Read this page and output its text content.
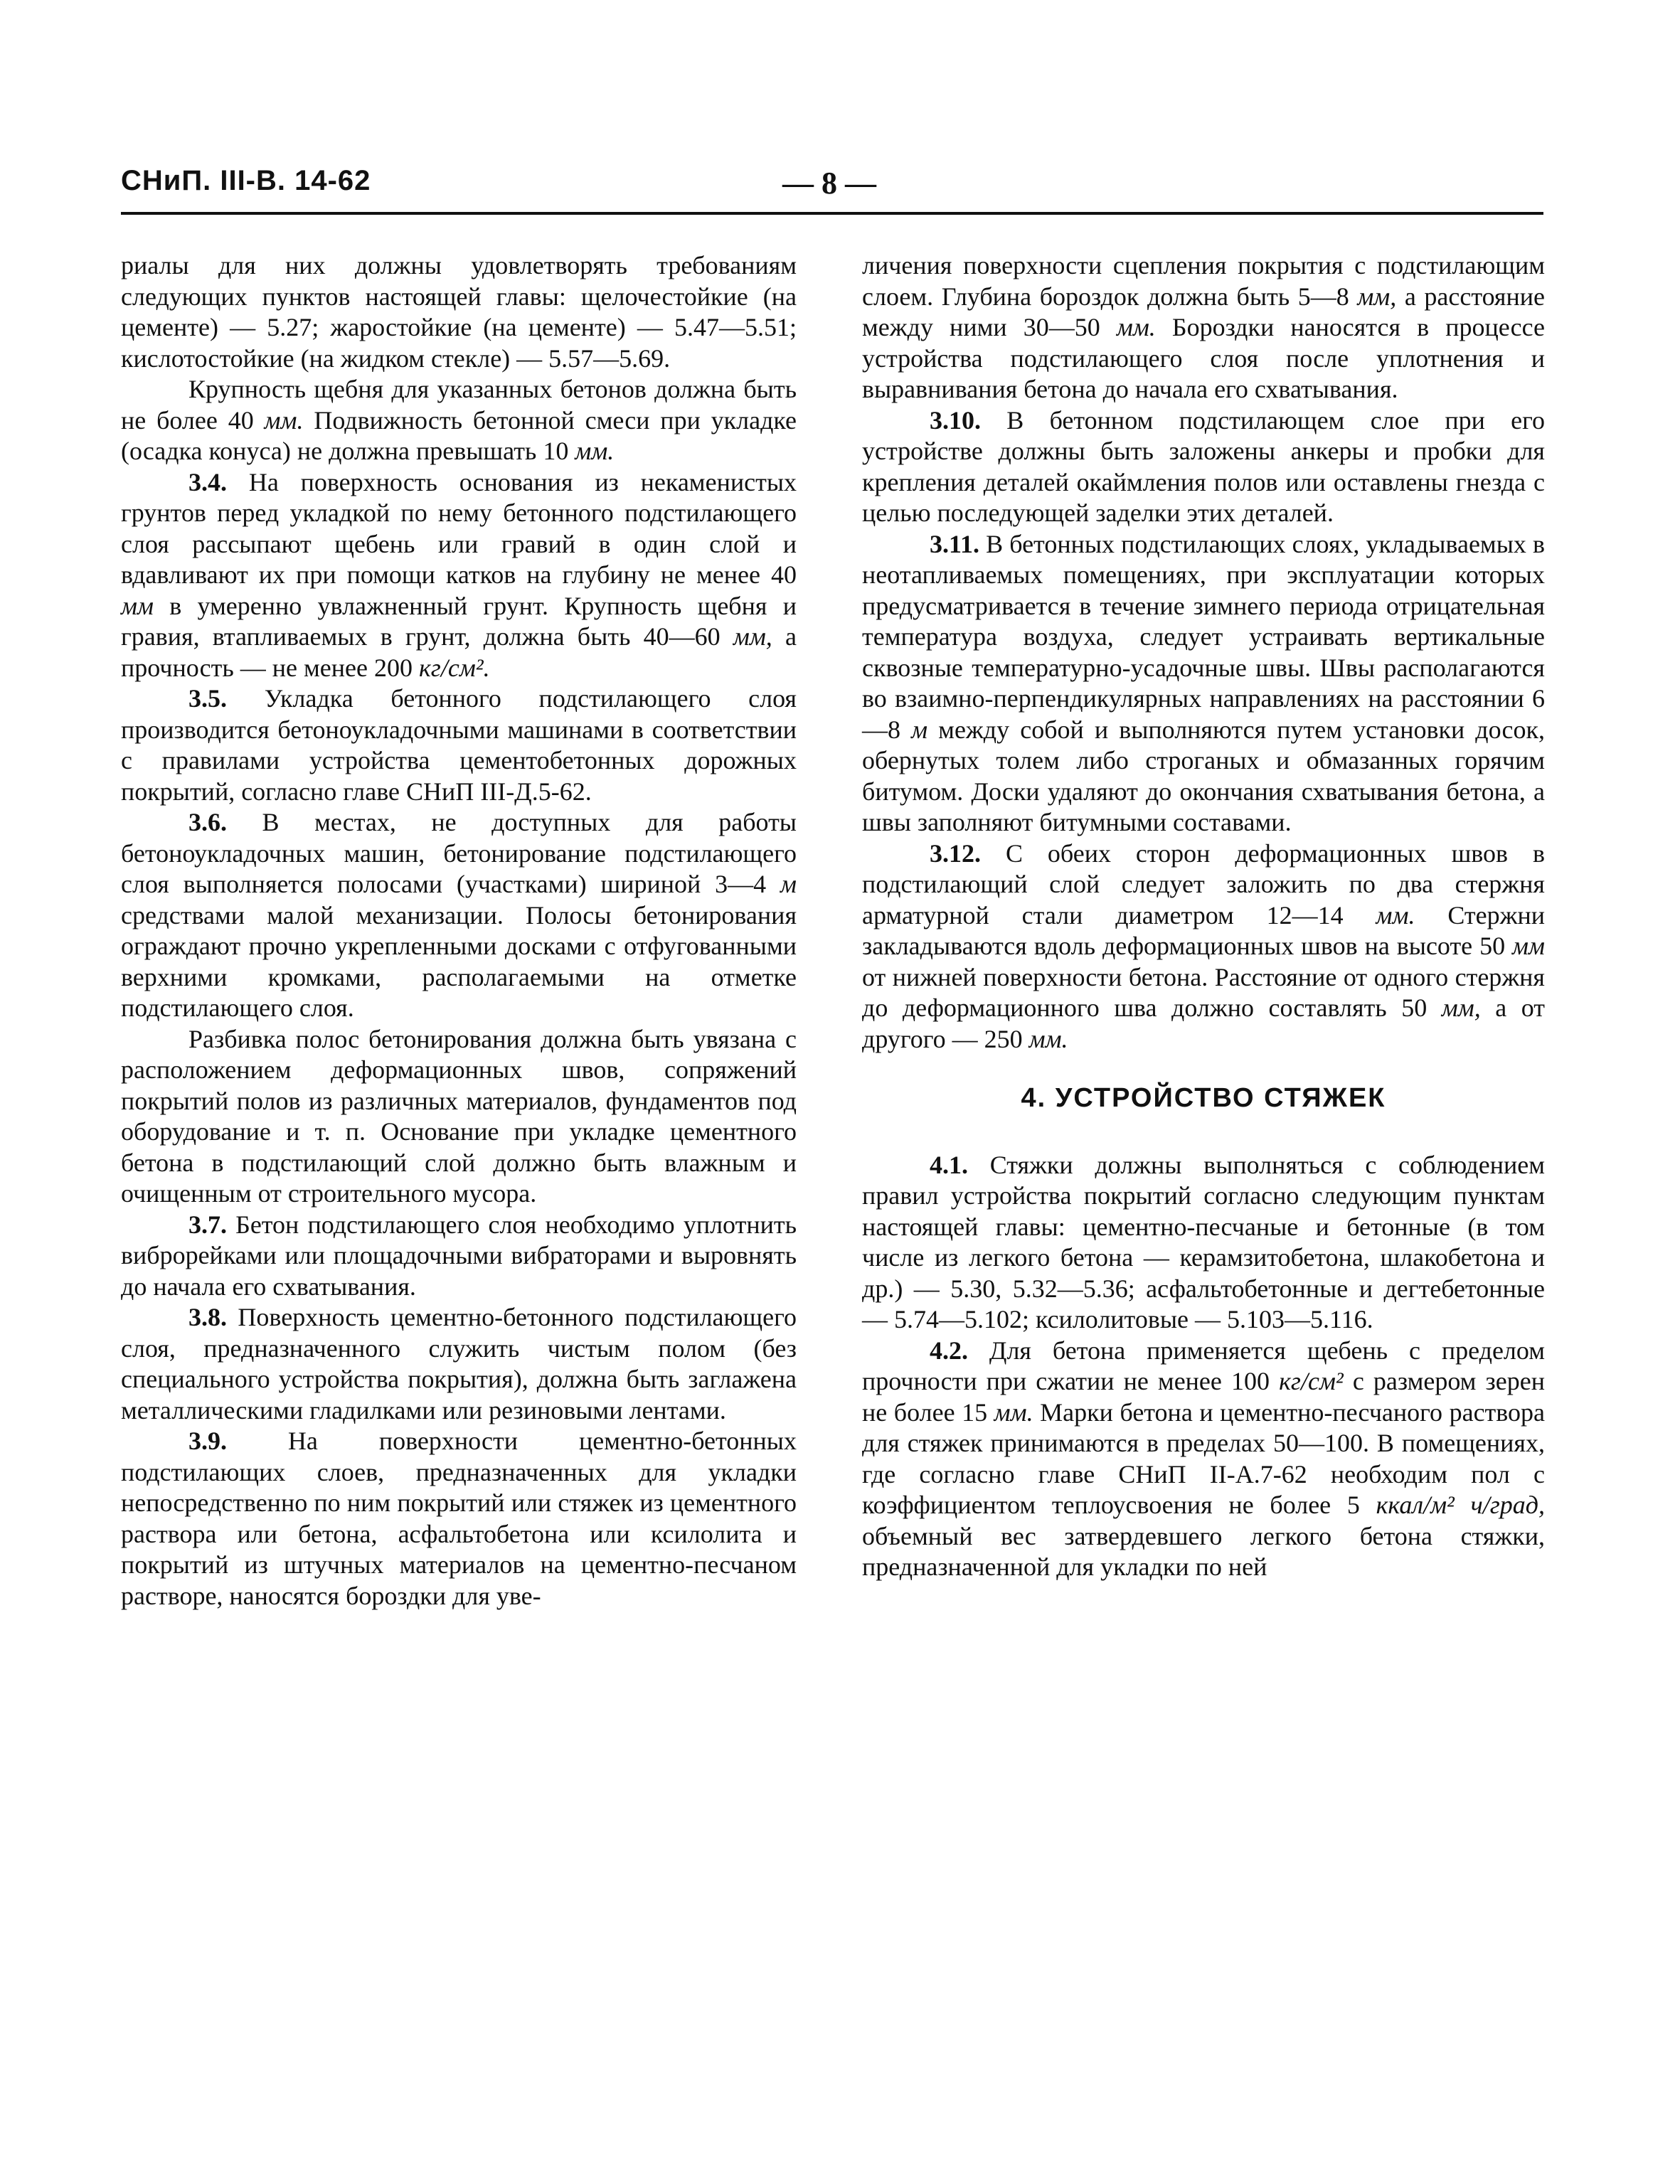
СНиП. III-В. 14-62	— 8 —

риалы для них должны удовлетворять требованиям следующих пунктов настоящей главы: щелочестойкие (на цементе) — 5.27; жаростойкие (на цементе) — 5.47—5.51; кислотостойкие (на жидком стекле) — 5.57—5.69.

Крупность щебня для указанных бетонов должна быть не более 40 мм. Подвижность бетонной смеси при укладке (осадка конуса) не должна превышать 10 мм.

3.4. На поверхность основания из некаменистых грунтов перед укладкой по нему бетонного подстилающего слоя рассыпают щебень или гравий в один слой и вдавливают их при помощи катков на глубину не менее 40 мм в умеренно увлажненный грунт. Крупность щебня и гравия, втапливаемых в грунт, должна быть 40—60 мм, а прочность — не менее 200 кг/см².

3.5. Укладка бетонного подстилающего слоя производится бетоноукладочными машинами в соответствии с правилами устройства цементобетонных дорожных покрытий, согласно главе СНиП III-Д.5-62.

3.6. В местах, не доступных для работы бетоноукладочных машин, бетонирование подстилающего слоя выполняется полосами (участками) шириной 3—4 м средствами малой механизации. Полосы бетонирования ограждают прочно укрепленными досками с отфугованными верхними кромками, располагаемыми на отметке подстилающего слоя.

Разбивка полос бетонирования должна быть увязана с расположением деформационных швов, сопряжений покрытий полов из различных материалов, фундаментов под оборудование и т. п. Основание при укладке цементного бетона в подстилающий слой должно быть влажным и очищенным от строительного мусора.

3.7. Бетон подстилающего слоя необходимо уплотнить виброрейками или площадочными вибраторами и выровнять до начала его схватывания.

3.8. Поверхность цементно-бетонного подстилающего слоя, предназначенного служить чистым полом (без специального устройства покрытия), должна быть заглажена металлическими гладилками или резиновыми лентами.

3.9. На поверхности цементно-бетонных подстилающих слоев, предназначенных для укладки непосредственно по ним покрытий или стяжек из цементного раствора или бетона, асфальтобетона или ксилолита и покрытий из штучных материалов на цементно-песчаном растворе, наносятся бороздки для уве-

личения поверхности сцепления покрытия с подстилающим слоем. Глубина бороздок должна быть 5—8 мм, а расстояние между ними 30—50 мм. Бороздки наносятся в процессе устройства подстилающего слоя после уплотнения и выравнивания бетона до начала его схватывания.

3.10. В бетонном подстилающем слое при его устройстве должны быть заложены анкеры и пробки для крепления деталей окаймления полов или оставлены гнезда с целью последующей заделки этих деталей.

3.11. В бетонных подстилающих слоях, укладываемых в неотапливаемых помещениях, при эксплуатации которых предусматривается в течение зимнего периода отрицательная температура воздуха, следует устраивать вертикальные сквозные температурно-усадочные швы. Швы располагаются во взаимно-перпендикулярных направлениях на расстоянии 6—8 м между собой и выполняются путем установки досок, обернутых толем либо строганых и обмазанных горячим битумом. Доски удаляют до окончания схватывания бетона, а швы заполняют битумными составами.

3.12. С обеих сторон деформационных швов в подстилающий слой следует заложить по два стержня арматурной стали диаметром 12—14 мм. Стержни закладываются вдоль деформационных швов на высоте 50 мм от нижней поверхности бетона. Расстояние от одного стержня до деформационного шва должно составлять 50 мм, а от другого — 250 мм.

4. УСТРОЙСТВО СТЯЖЕК

4.1. Стяжки должны выполняться с соблюдением правил устройства покрытий согласно следующим пунктам настоящей главы: цементно-песчаные и бетонные (в том числе из легкого бетона — керамзитобетона, шлакобетона и др.) — 5.30, 5.32—5.36; асфальтобетонные и дегтебетонные — 5.74—5.102; ксилолитовые — 5.103—5.116.

4.2. Для бетона применяется щебень с пределом прочности при сжатии не менее 100 кг/см² с размером зерен не более 15 мм. Марки бетона и цементно-песчаного раствора для стяжек принимаются в пределах 50—100. В помещениях, где согласно главе СНиП II-А.7-62 необходим пол с коэффициентом теплоусвоения не более 5 ккал/м² ч/град, объемный вес затвердевшего легкого бетона стяжки, предназначенной для укладки по ней
